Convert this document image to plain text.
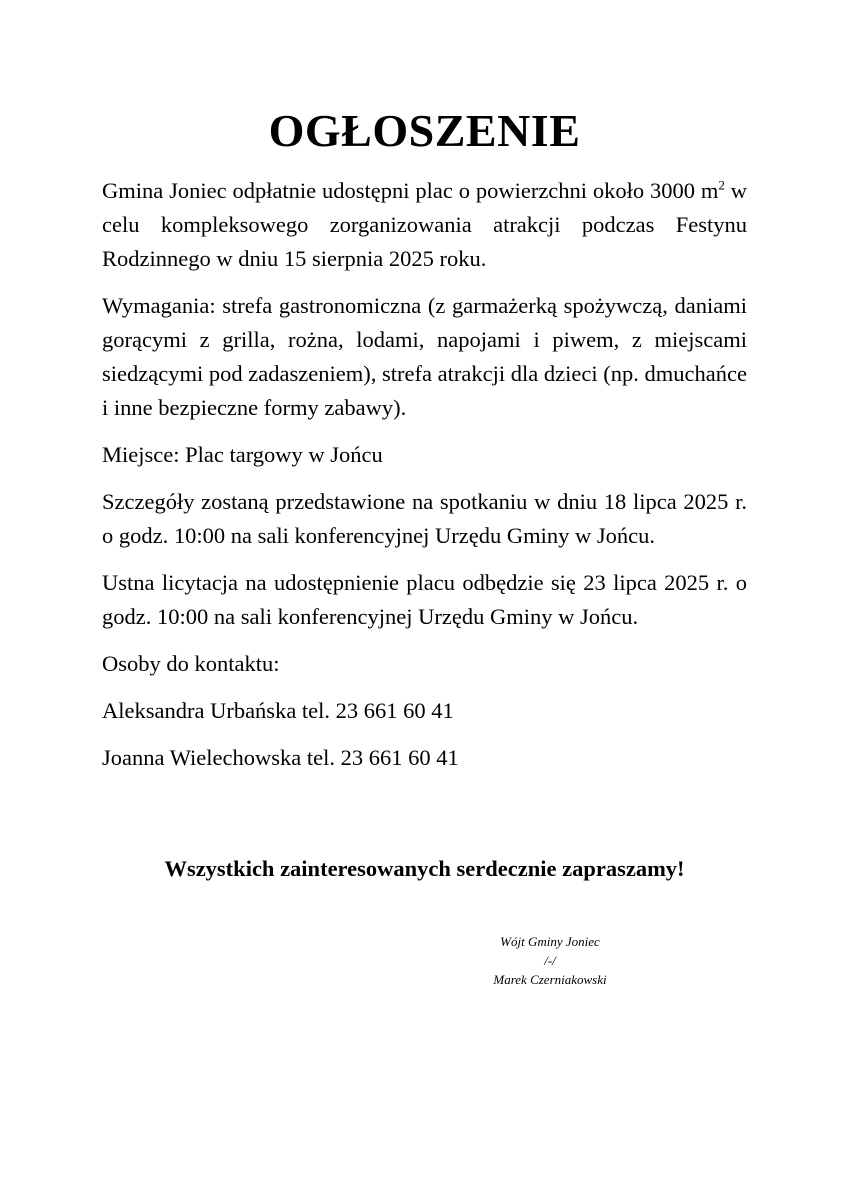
OGŁOSZENIE

Gmina Joniec odpłatnie udostępni plac o powierzchni około 3000 $m^2$ w celu kompleksowego zorganizowania atrakcji podczas Festynu Rodzinnego w dniu 15 sierpnia 2025 roku.

Wymagania: strefa gastronomiczna (z garmażerką spożywczą, daniami gorącymi z grilla, rożna, lodami, napojami i piwem, z miejscami siedzącymi pod zadaszeniem), strefa atrakcji dla dzieci (np. dmuchańce i inne bezpieczne formy zabawy).

Miejsce: Plac targowy w Jońcu

Szczegóły zostaną przedstawione na spotkaniu w dniu 18 lipca 2025 r. o godz. 10:00 na sali konferencyjnej Urzędu Gminy w Jońcu.

Ustna licytacja na udostępnienie placu odbędzie się 23 lipca 2025 r. o godz. 10:00 na sali konferencyjnej Urzędu Gminy w Jońcu.

Osoby do kontaktu:

Aleksandra Urbańska tel. 23 661 60 41

Joanna Wielechowska tel. 23 661 60 41

Wszystkich zainteresowanych serdecznie zapraszamy!
Wójt Gminy Joniec
/-/
Marek Czerniakowski
